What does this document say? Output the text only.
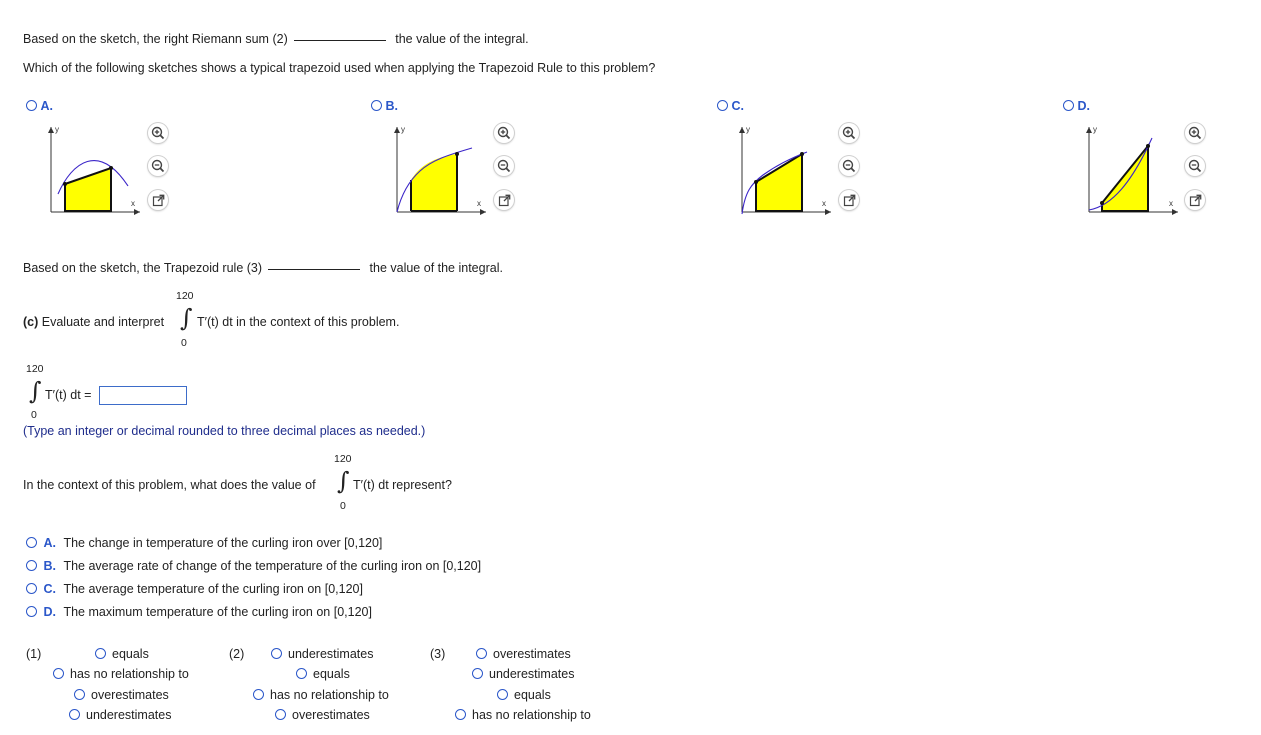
Based on the sketch, the right Riemann sum (2)	the value of the integral.
Which of the following sketches shows a typical trapezoid used when applying the Trapezoid Rule to this problem?
A.
y
x
B.
y
x
C.
y
x
D.
y
x
Based on the sketch, the Trapezoid rule (3)	the value of the integral.
(c) Evaluate and interpret
120
∫
0
T′(t) dt in the context of this problem.
120
∫
0
T′(t) dt =
(Type an integer or decimal rounded to three decimal places as needed.)
In the context of this problem, what does the value of
120
∫
0
T′(t) dt represent?
A. The change in temperature of the curling iron over [0,120]
B. The average rate of change of the temperature of the curling iron on [0,120]
C. The average temperature of the curling iron on [0,120]
D. The maximum temperature of the curling iron on [0,120]
(1)	equals
has no relationship to
overestimates
underestimates
(2)	underestimates
equals
has no relationship to
overestimates
(3)	overestimates
underestimates
equals
has no relationship to
